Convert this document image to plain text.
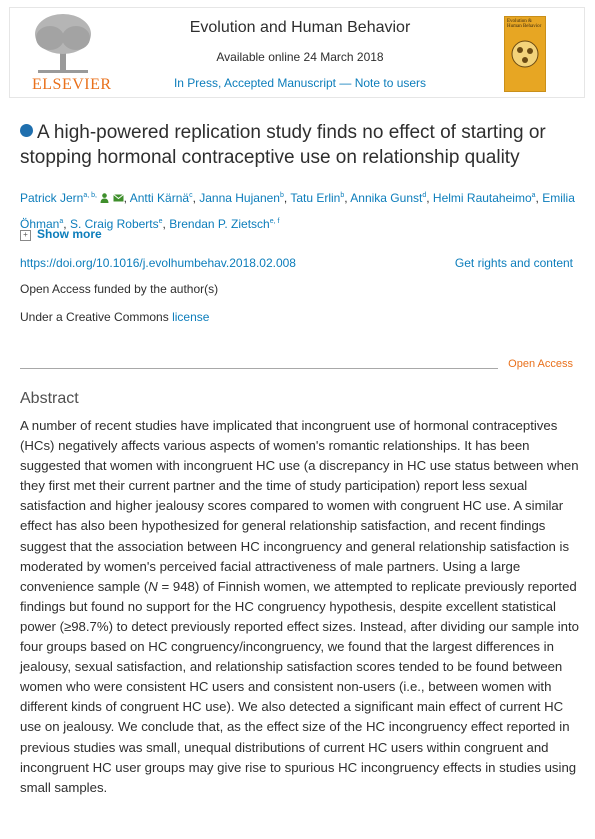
ELSEVIER
Evolution and Human Behavior
Available online 24 March 2018
In Press, Accepted Manuscript — Note to users
Evolution & Human Behavior
A high-powered replication study finds no effect of starting or stopping hormonal contraceptive use on relationship quality
Patrick Jern$^{a, b,}$ , Antti Kärnä$^c$, Janna Hujanen$^b$, Tatu Erlin$^b$, Annika Gunst$^d$, Helmi Rautaheimo$^a$, Emilia Öhman$^a$, S. Craig Roberts$^e$, Brendan P. Zietsch$^{e, f}$
+ Show more
https://doi.org/10.1016/j.evolhumbehav.2018.02.008	Get rights and content
Open Access funded by the author(s)
Under a Creative Commons license
Open Access
Abstract
A number of recent studies have implicated that incongruent use of hormonal contraceptives (HCs) negatively affects various aspects of women's romantic relationships. It has been suggested that women with incongruent HC use (a discrepancy in HC use status between when they first met their current partner and the time of study participation) report less sexual satisfaction and higher jealousy scores compared to women with congruent HC use. A similar effect has also been hypothesized for general relationship satisfaction, and recent findings suggest that the association between HC incongruency and general relationship satisfaction is moderated by women's perceived facial attractiveness of male partners. Using a large convenience sample (N = 948) of Finnish women, we attempted to replicate previously reported findings but found no support for the HC congruency hypothesis, despite excellent statistical power (≥98.7%) to detect previously reported effect sizes. Instead, after dividing our sample into four groups based on HC congruency/incongruency, we found that the largest differences in jealousy, sexual satisfaction, and relationship satisfaction scores tended to be found between women who were consistent HC users and consistent non-users (i.e., between women with different kinds of congruent HC use). We also detected a significant main effect of current HC use on jealousy. We conclude that, as the effect size of the HC incongruency effect reported in previous studies was small, unequal distributions of current HC users within congruent and incongruent HC user groups may give rise to spurious HC incongruency effects in studies using small samples.
